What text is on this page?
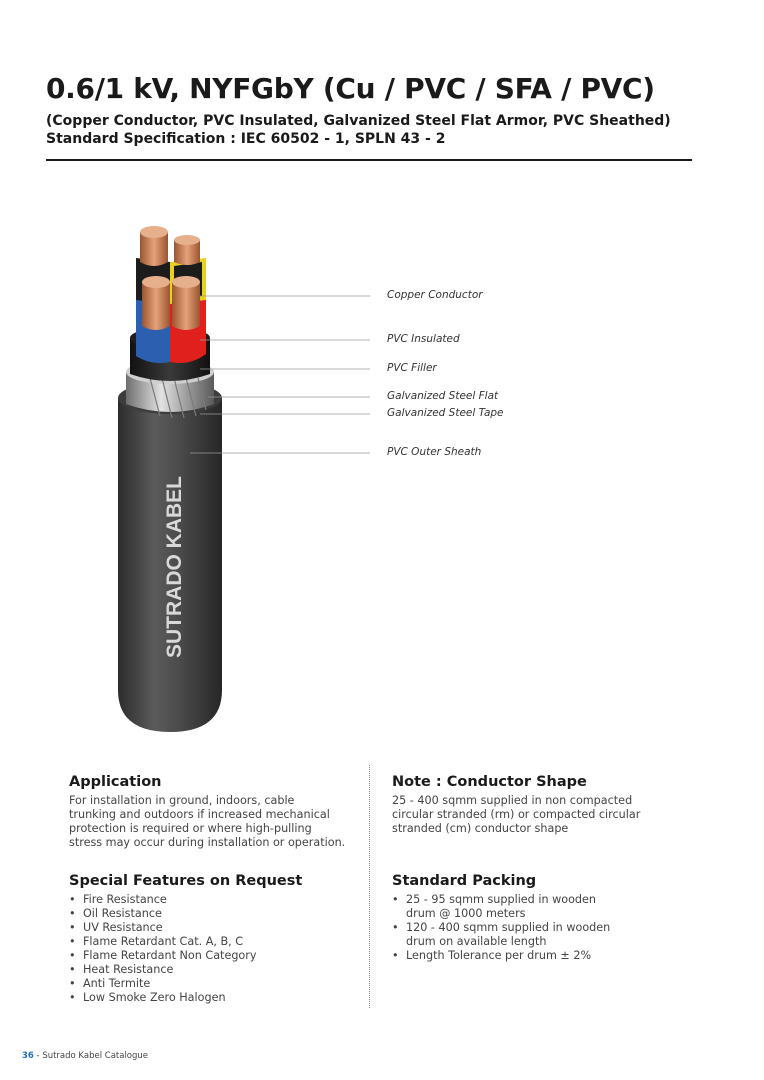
0.6/1 kV, NYFGbY (Cu / PVC / SFA / PVC)
(Copper Conductor, PVC Insulated, Galvanized Steel Flat Armor, PVC Sheathed)
Standard Specification : IEC 60502 - 1, SPLN 43 - 2
SUTRADO KABEL
Copper Conductor
PVC Insulated
PVC Filler
Galvanized Steel Flat
Galvanized Steel Tape
PVC Outer Sheath
Application

For installation in ground, indoors, cable

trunking and outdoors if increased mechanical

protection is required or where high-pulling

stress may occur during installation or operation.

Note : Conductor Shape

25 - 400 sqmm supplied in non compacted

circular stranded (rm) or compacted circular

stranded (cm) conductor shape

Special Features on Request
• Fire Resistance
• Oil Resistance
• UV Resistance
• Flame Retardant Cat. A, B, C
• Flame Retardant Non Category
• Heat Resistance
• Anti Termite
• Low Smoke Zero Halogen
Standard Packing
• 25 - 95 sqmm supplied in wooden
drum @ 1000 meters
• 120 - 400 sqmm supplied in wooden
drum on available length
• Length Tolerance per drum ± 2%
36 - Sutrado Kabel Catalogue
